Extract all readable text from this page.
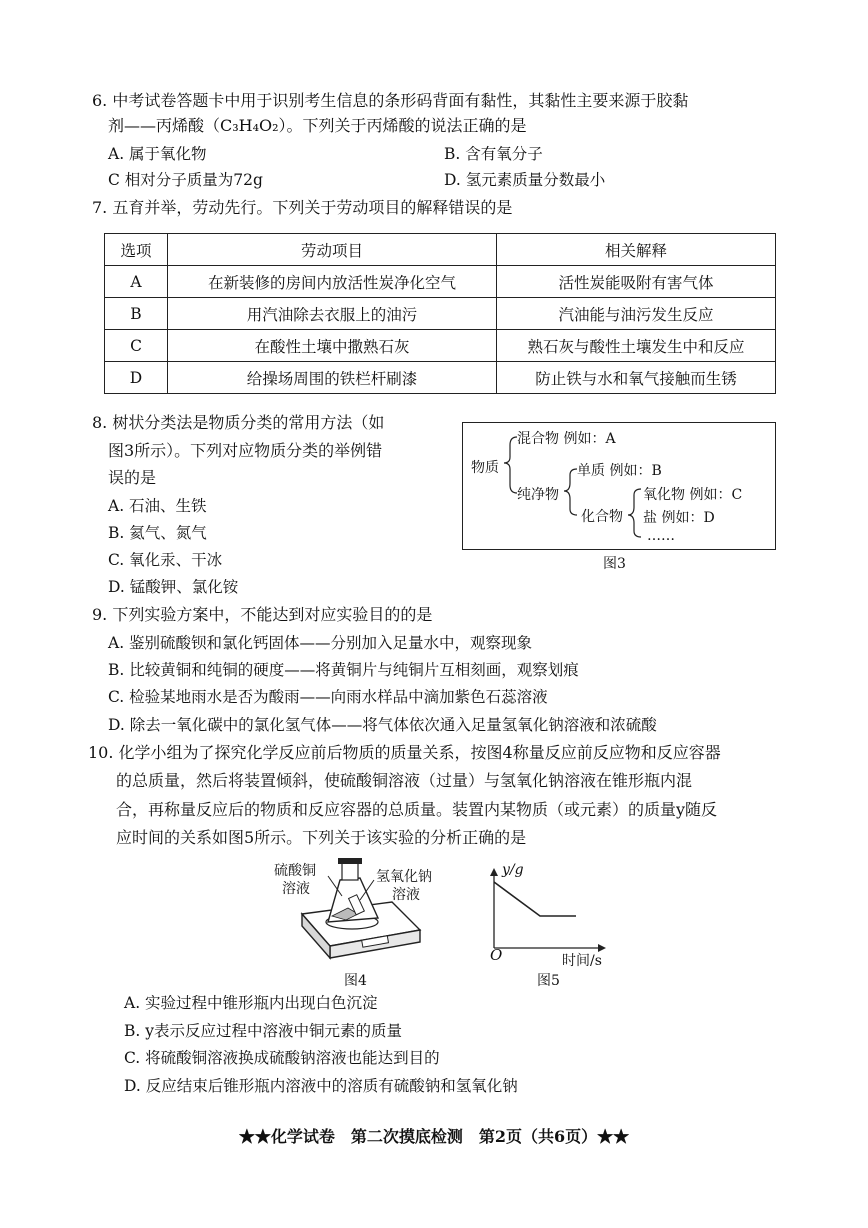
6. 中考试卷答题卡中用于识别考生信息的条形码背面有黏性，其黏性主要来源于胶黏
剂——丙烯酸（C₃H₄O₂）。下列关于丙烯酸的说法正确的是
A. 属于氧化物	B. 含有氧分子
C 相对分子质量为72g	D. 氢元素质量分数最小
7. 五育并举，劳动先行。下列关于劳动项目的解释错误的是
选项	劳动项目	相关解释
A	在新装修的房间内放活性炭净化空气	活性炭能吸附有害气体
B	用汽油除去衣服上的油污	汽油能与油污发生反应
C	在酸性土壤中撒熟石灰	熟石灰与酸性土壤发生中和反应
D	给操场周围的铁栏杆刷漆	防止铁与水和氧气接触而生锈
8. 树状分类法是物质分类的常用方法（如
图3所示）。下列对应物质分类的举例错
误的是
A. 石油、生铁
B. 氦气、氮气
C. 氧化汞、干冰
D. 锰酸钾、氯化铵
物质
混合物 例如：A
纯净物
单质 例如：B
化合物
氧化物 例如：C
盐 例如：D
……
图3
9. 下列实验方案中，不能达到对应实验目的的是
A. 鉴别硫酸钡和氯化钙固体——分别加入足量水中，观察现象
B. 比较黄铜和纯铜的硬度——将黄铜片与纯铜片互相刻画，观察划痕
C. 检验某地雨水是否为酸雨——向雨水样品中滴加紫色石蕊溶液
D. 除去一氧化碳中的氯化氢气体——将气体依次通入足量氢氧化钠溶液和浓硫酸
10. 化学小组为了探究化学反应前后物质的质量关系，按图4称量反应前反应物和反应容器
的总质量，然后将装置倾斜，使硫酸铜溶液（过量）与氢氧化钠溶液在锥形瓶内混
合，再称量反应后的物质和反应容器的总质量。装置内某物质（或元素）的质量y随反
应时间的关系如图5所示。下列关于该实验的分析正确的是
硫酸铜
溶液
氢氧化钠
溶液
图4
y/g
时间/s
O
图5
A. 实验过程中锥形瓶内出现白色沉淀
B. y表示反应过程中溶液中铜元素的质量
C. 将硫酸铜溶液换成硫酸钠溶液也能达到目的
D. 反应结束后锥形瓶内溶液中的溶质有硫酸钠和氢氧化钠
★★化学试卷　第二次摸底检测　第2页（共6页）★★
